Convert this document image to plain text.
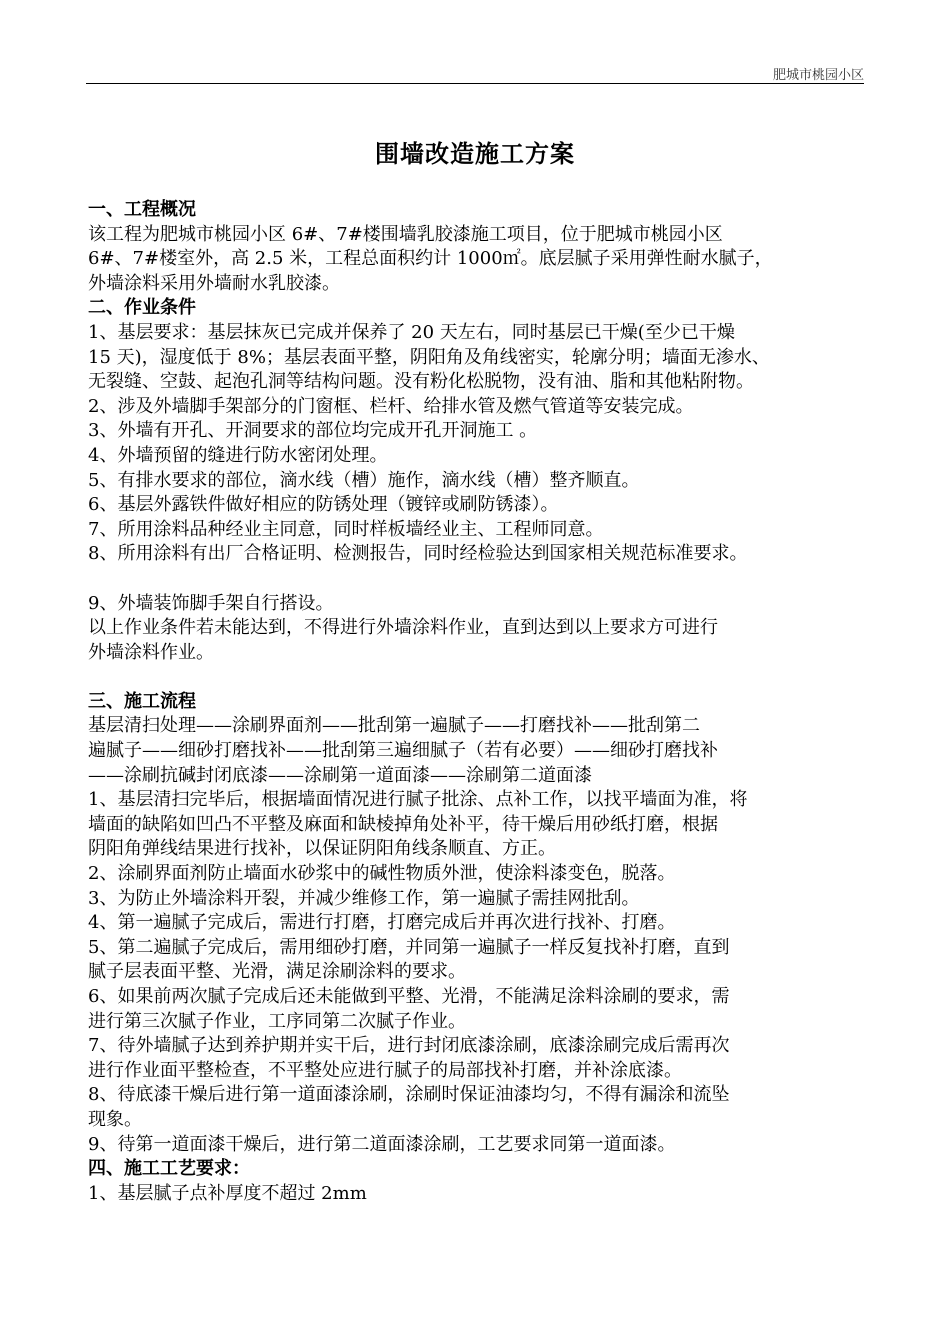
肥城市桃园小区
围墙改造施工方案

一、工程概况

该工程为肥城市桃园小区 6#、7#楼围墙乳胶漆施工项目，位于肥城市桃园小区

6#、7#楼室外，高 2.5 米，工程总面积约计 1000㎡。底层腻子采用弹性耐水腻子，

外墙涂料采用外墙耐水乳胶漆。

二、作业条件

1、基层要求：基层抹灰已完成并保养了 20 天左右，同时基层已干燥(至少已干燥

15 天)，湿度低于 8%；基层表面平整，阴阳角及角线密实，轮廓分明；墙面无渗水、

无裂缝、空鼓、起泡孔洞等结构问题。没有粉化松脱物，没有油、脂和其他粘附物。

2、涉及外墙脚手架部分的门窗框、栏杆、给排水管及燃气管道等安装完成。

3、外墙有开孔、开洞要求的部位均完成开孔开洞施工 。

4、外墙预留的缝进行防水密闭处理。

5、有排水要求的部位，滴水线（槽）施作，滴水线（槽）整齐顺直。

6、基层外露铁件做好相应的防锈处理（镀锌或刷防锈漆）。

7、所用涂料品种经业主同意，同时样板墙经业主、工程师同意。

8、所用涂料有出厂合格证明、检测报告，同时经检验达到国家相关规范标准要求。

9、外墙装饰脚手架自行搭设。

以上作业条件若未能达到，不得进行外墙涂料作业，直到达到以上要求方可进行

外墙涂料作业。

三、施工流程

基层清扫处理——涂刷界面剂——批刮第一遍腻子——打磨找补——批刮第二

遍腻子——细砂打磨找补——批刮第三遍细腻子（若有必要）——细砂打磨找补

——涂刷抗碱封闭底漆——涂刷第一道面漆——涂刷第二道面漆

1、基层清扫完毕后，根据墙面情况进行腻子批涂、点补工作，以找平墙面为准，将

墙面的缺陷如凹凸不平整及麻面和缺棱掉角处补平，待干燥后用砂纸打磨，根据

阴阳角弹线结果进行找补，以保证阴阳角线条顺直、方正。

2、涂刷界面剂防止墙面水砂浆中的碱性物质外泄，使涂料漆变色，脱落。

3、为防止外墙涂料开裂，并减少维修工作，第一遍腻子需挂网批刮。

4、第一遍腻子完成后，需进行打磨，打磨完成后并再次进行找补、打磨。

5、第二遍腻子完成后，需用细砂打磨，并同第一遍腻子一样反复找补打磨，直到

腻子层表面平整、光滑，满足涂刷涂料的要求。

6、如果前两次腻子完成后还未能做到平整、光滑，不能满足涂料涂刷的要求，需

进行第三次腻子作业，工序同第二次腻子作业。

7、待外墙腻子达到养护期并实干后，进行封闭底漆涂刷，底漆涂刷完成后需再次

进行作业面平整检查，不平整处应进行腻子的局部找补打磨，并补涂底漆。

8、待底漆干燥后进行第一道面漆涂刷，涂刷时保证油漆均匀，不得有漏涂和流坠

现象。

9、待第一道面漆干燥后，进行第二道面漆涂刷，工艺要求同第一道面漆。

四、施工工艺要求：

1、基层腻子点补厚度不超过 2mm
